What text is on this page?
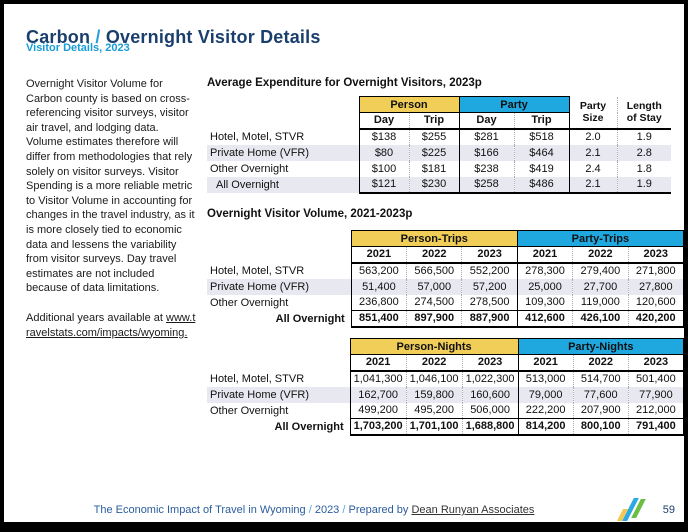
Carbon / Overnight Visitor Details
Visitor Details, 2023

Overnight Visitor Volume for Carbon county is based on cross-referencing visitor surveys, visitor air travel, and lodging data. Volume estimates therefore will differ from methodologies that rely solely on visitor surveys. Visitor Spending is a more reliable metric to Visitor Volume in accounting for changes in the travel industry, as it is more closely tied to economic data and lessens the variability from visitor surveys. Day travel estimates are not included because of data limitations.

Additional years available at www.travelstats.com/impacts/wyoming.

Average Expenditure for Overnight Visitors, 2023p
	Person		Party		Party Size	Length of Stay
	Day	Trip	Day	Trip		
Hotel, Motel, STVR	$138	$255	$281	$518	2.0	1.9
Private Home (VFR)	$80	$225	$166	$464	2.1	2.8
Other Overnight	$100	$181	$238	$419	2.4	1.8
All Overnight	$121	$230	$258	$486	2.1	1.9
Overnight Visitor Volume, 2021-2023p
	Person-Trips			Party-Trips		
	2021	2022	2023	2021	2022	2023
Hotel, Motel, STVR	563,200	566,500	552,200	278,300	279,400	271,800
Private Home (VFR)	51,400	57,000	57,200	25,000	27,700	27,800
Other Overnight	236,800	274,500	278,500	109,300	119,000	120,600
All Overnight	851,400	897,900	887,900	412,600	426,100	420,200
	Person-Nights			Party-Nights		
	2021	2022	2023	2021	2022	2023
Hotel, Motel, STVR	1,041,300	1,046,100	1,022,300	513,000	514,700	501,400
Private Home (VFR)	162,700	159,800	160,600	79,000	77,600	77,900
Other Overnight	499,200	495,200	506,000	222,200	207,900	212,000
All Overnight	1,703,200	1,701,100	1,688,800	814,200	800,100	791,400
The Economic Impact of Travel in Wyoming / 2023 / Prepared by Dean Runyan Associates	59
